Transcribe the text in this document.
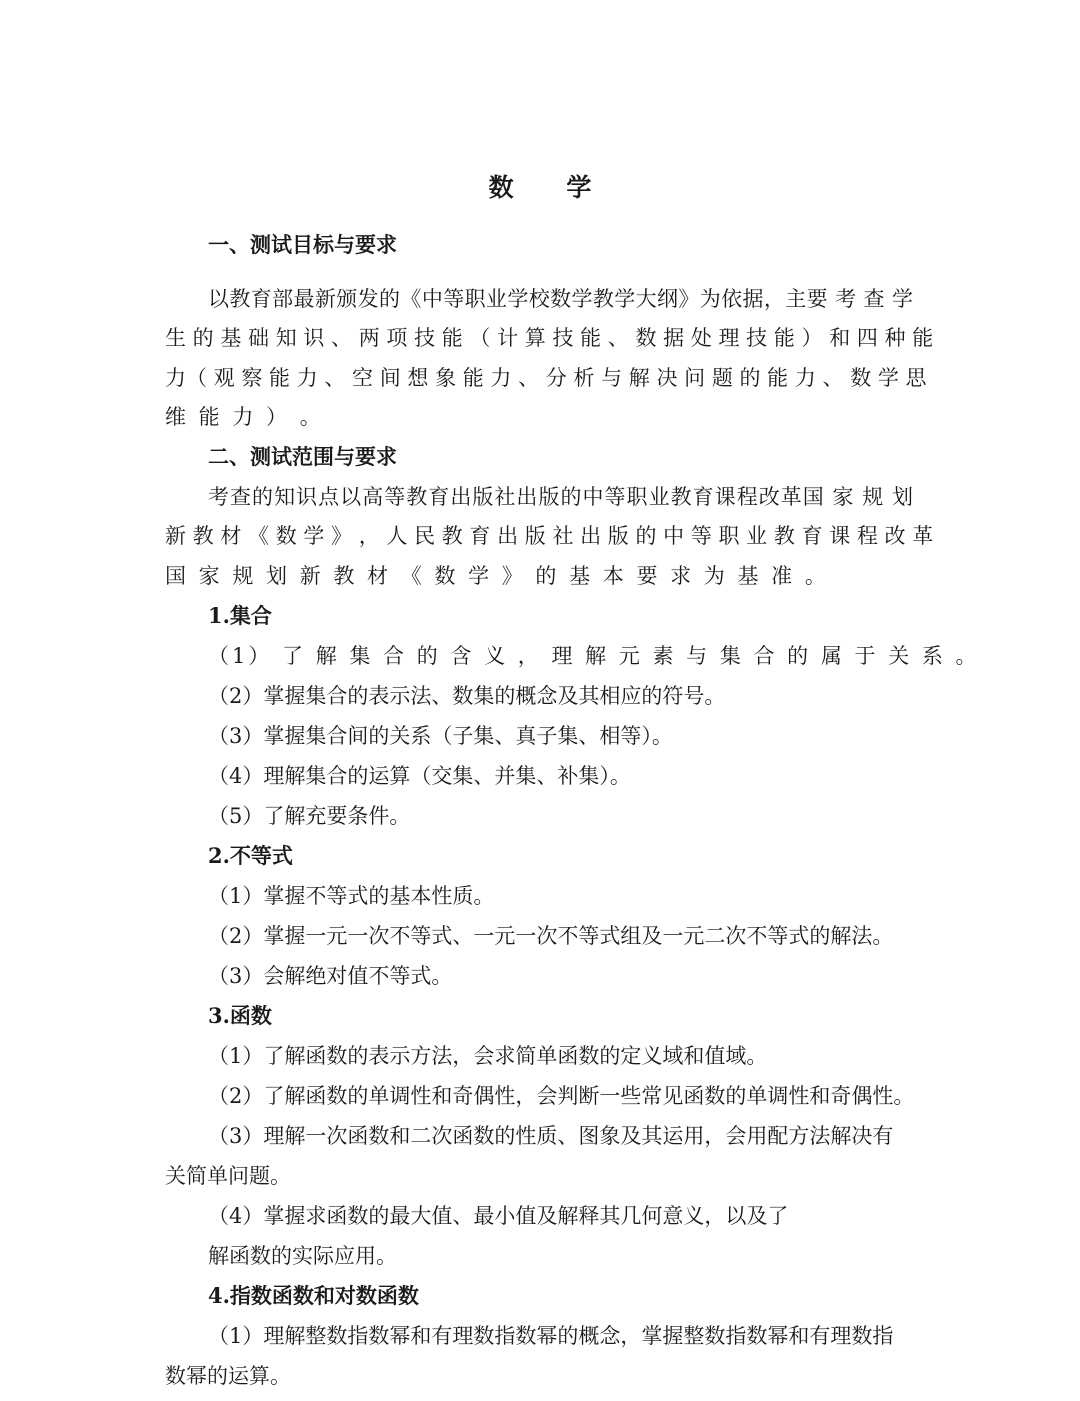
数 学
一、测试目标与要求
以教育部最新颁发的《中等职业学校数学教学大纲》为依据，主要 考 查 学
生 的 基 础 知 识 、 两 项 技 能 （ 计 算 技 能 、 数 据 处 理 技 能 ） 和 四 种 能
力（ 观 察 能 力 、 空 间 想 象 能 力 、 分 析 与 解 决 问 题 的 能 力 、 数 学 思
维 能 力 ） 。
二、测试范围与要求
考查的知识点以高等教育出版社出版的中等职业教育课程改革国 家 规 划
新 教 材 《 数 学 》 ， 人 民 教 育 出 版 社 出 版 的 中 等 职 业 教 育 课 程 改 革
国 家 规 划 新 教 材 《 数 学 》 的 基 本 要 求 为 基 准 。
1.集合
（1） 了 解 集 合 的 含 义 ， 理 解 元 素 与 集 合 的 属 于 关 系 。
（2）掌握集合的表示法、数集的概念及其相应的符号。
（3）掌握集合间的关系（子集、真子集、相等）。
（4）理解集合的运算（交集、并集、补集）。
（5）了解充要条件。
2.不等式
（1）掌握不等式的基本性质。
（2）掌握一元一次不等式、一元一次不等式组及一元二次不等式的解法。
（3）会解绝对值不等式。
3.函数
（1）了解函数的表示方法，会求简单函数的定义域和值域。
（2）了解函数的单调性和奇偶性，会判断一些常见函数的单调性和奇偶性。
（3）理解一次函数和二次函数的性质、图象及其运用，会用配方法解决有
关简单问题。
（4）掌握求函数的最大值、最小值及解释其几何意义，以及了
解函数的实际应用。
4.指数函数和对数函数
（1）理解整数指数幂和有理数指数幂的概念，掌握整数指数幂和有理数指
数幂的运算。
